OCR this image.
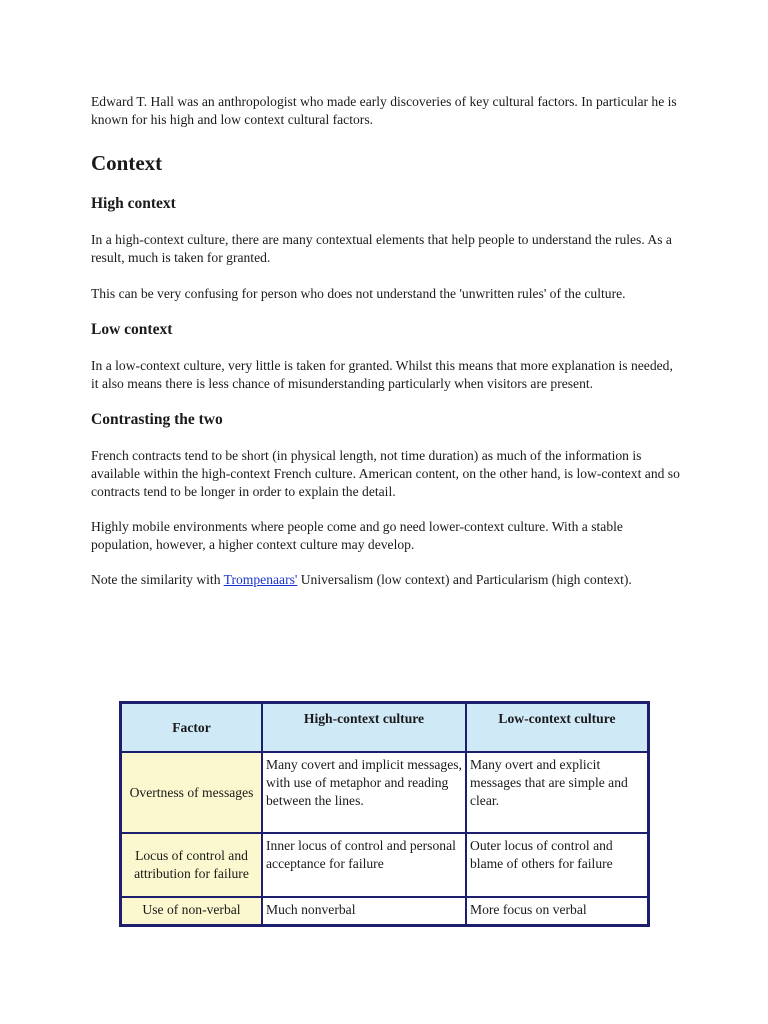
Edward T. Hall was an anthropologist who made early discoveries of key cultural factors. In particular he is known for his high and low context cultural factors.

Context
High context

In a high-context culture, there are many contextual elements that help people to understand the rules. As a result, much is taken for granted.

This can be very confusing for person who does not understand the 'unwritten rules' of the culture.

Low context

In a low-context culture, very little is taken for granted. Whilst this means that more explanation is needed, it also means there is less chance of misunderstanding particularly when visitors are present.

Contrasting the two

French contracts tend to be short (in physical length, not time duration) as much of the information is available within the high-context French culture. American content, on the other hand, is low-context and so contracts tend to be longer in order to explain the detail.

Highly mobile environments where people come and go need lower-context culture. With a stable population, however, a higher context culture may develop.

Note the similarity with Trompenaars' Universalism (low context) and Particularism (high context).

Factor	High-context culture	Low-context culture
Overtness of messages	Many covert and implicit messages, with use of metaphor and reading between the lines.	Many overt and explicit messages that are simple and clear.
Locus of control and attribution for failure	Inner locus of control and personal acceptance for failure	Outer locus of control and blame of others for failure
Use of non-verbal	Much nonverbal	More focus on verbal
